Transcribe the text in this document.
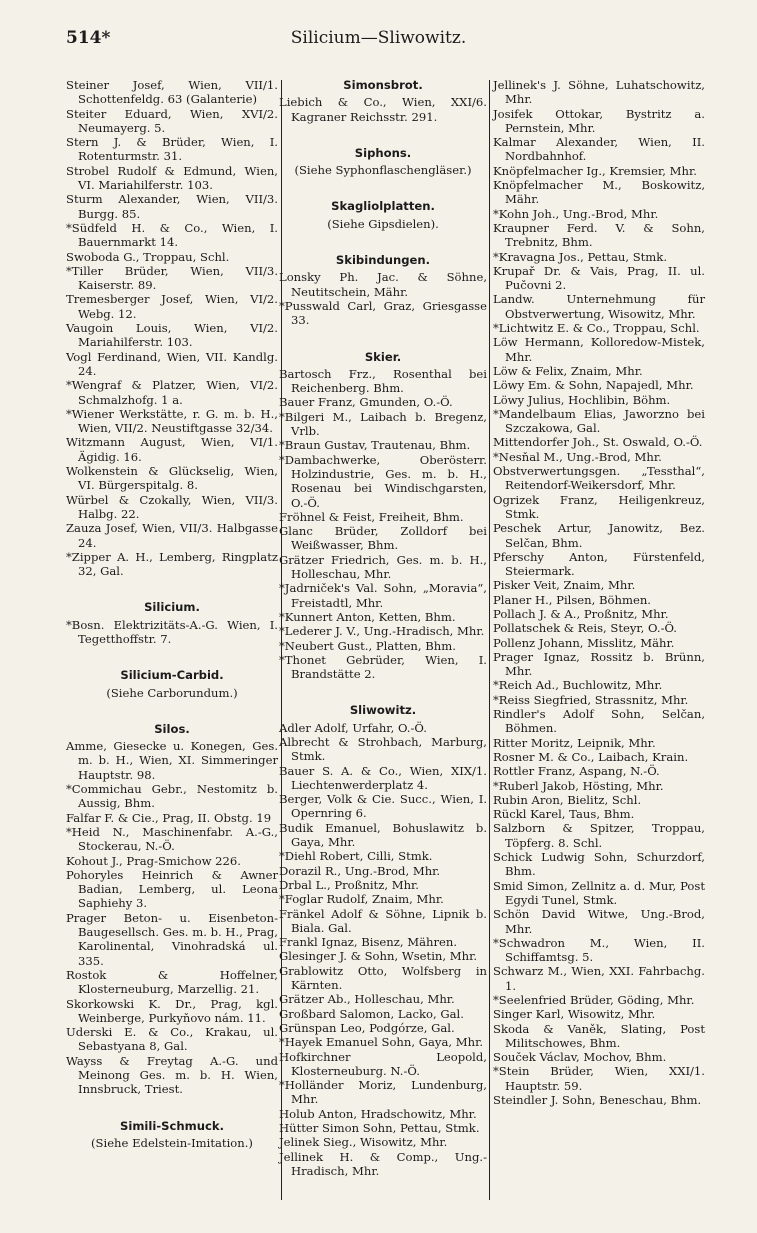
514*	Silicium—Sliwowitz.
Steiner Josef, Wien, VII/1. Schottenfeldg. 63 (Galanterie)
Steiter Eduard, Wien, XVI/2. Neumayerg. 5.
Stern J. & Brüder, Wien, I. Rotenturmstr. 31.
Strobel Rudolf & Edmund, Wien, VI. Mariahilferstr. 103.
Sturm Alexander, Wien, VII/3. Burgg. 85.
*Südfeld H. & Co., Wien, I. Bauernmarkt 14.
Swoboda G., Troppau, Schl.
*Tiller Brüder, Wien, VII/3. Kaiserstr. 89.
Tremesberger Josef, Wien, VI/2. Webg. 12.
Vaugoin Louis, Wien, VI/2. Mariahilferstr. 103.
Vogl Ferdinand, Wien, VII. Kandlg. 24.
*Wengraf & Platzer, Wien, VI/2. Schmalzhofg. 1 a.
*Wiener Werkstätte, r. G. m. b. H., Wien, VII/2. Neustiftgasse 32/34.
Witzmann August, Wien, VI/1. Ägidig. 16.
Wolkenstein & Glückselig, Wien, VI. Bürgerspitalg. 8.
Würbel & Czokally, Wien, VII/3. Halbg. 22.
Zauza Josef, Wien, VII/3. Halbgasse 24.
*Zipper A. H., Lemberg, Ringplatz 32, Gal.
Silicium.
*Bosn. Elektrizitäts-A.-G. Wien, I. Tegetthoffstr. 7.
Silicium-Carbid.
(Siehe Carborundum.)
Silos.
Amme, Giesecke u. Konegen, Ges. m. b. H., Wien, XI. Simmeringer Hauptstr. 98.
*Commichau Gebr., Nestomitz b. Aussig, Bhm.
Falfar F. & Cie., Prag, II. Obstg. 19
*Heid N., Maschinenfabr. A.-G., Stockerau, N.-Ö.
Kohout J., Prag-Smichow 226.
Pohoryles Heinrich & Awner Badian, Lemberg, ul. Leona Saphiehy 3.
Prager Beton- u. Eisenbeton-Baugesellsch. Ges. m. b. H., Prag, Karolinental, Vinohradská ul. 335.
Rostok & Hoffelner, Klosterneuburg, Marzellig. 21.
Skorkowski K. Dr., Prag, kgl. Weinberge, Purkyňovo nám. 11.
Uderski E. & Co., Krakau, ul. Sebastyana 8, Gal.
Wayss & Freytag A.-G. und Meinong Ges. m. b. H. Wien, Innsbruck, Triest.
Simili-Schmuck.
(Siehe Edelstein-Imitation.)
Simonsbrot.
Liebich & Co., Wien, XXI/6. Kagraner Reichsstr. 291.
Siphons.
(Siehe Syphonflaschengläser.)
Skagliolplatten.
(Siehe Gipsdielen).
Skibindungen.
Lonsky Ph. Jac. & Söhne, Neutitschein, Mähr.
*Pusswald Carl, Graz, Griesgasse 33.
Skier.
Bartosch Frz., Rosenthal bei Reichenberg. Bhm.
Bauer Franz, Gmunden, O.-Ö.
*Bilgeri M., Laibach b. Bregenz, Vrlb.
*Braun Gustav, Trautenau, Bhm.
*Dambachwerke, Oberösterr. Holzindustrie, Ges. m. b. H., Rosenau bei Windischgarsten, O.-Ö.
Fröhnel & Feist, Freiheit, Bhm.
Glanc Brüder, Zolldorf bei Weißwasser, Bhm.
Grätzer Friedrich, Ges. m. b. H., Holleschau, Mhr.
*Jadrniček's Val. Sohn, „Moravia“, Freistadtl, Mhr.
*Kunnert Anton, Ketten, Bhm.
*Lederer J. V., Ung.-Hradisch, Mhr.
*Neubert Gust., Platten, Bhm.
*Thonet Gebrüder, Wien, I. Brandstätte 2.
Sliwowitz.
Adler Adolf, Urfahr, O.-Ö.
Albrecht & Strohbach, Marburg, Stmk.
Bauer S. A. & Co., Wien, XIX/1. Liechtenwerderplatz 4.
Berger, Volk & Cie. Succ., Wien, I. Opernring 6.
Budik Emanuel, Bohuslawitz b. Gaya, Mhr.
*Diehl Robert, Cilli, Stmk.
Dorazil R., Ung.-Brod, Mhr.
Drbal L., Proßnitz, Mhr.
*Foglar Rudolf, Znaim, Mhr.
Fränkel Adolf & Söhne, Lipnik b. Biala. Gal.
Frankl Ignaz, Bisenz, Mähren.
Glesinger J. & Sohn, Wsetin, Mhr.
Grablowitz Otto, Wolfsberg in Kärnten.
Grätzer Ab., Holleschau, Mhr.
Großbard Salomon, Lacko, Gal.
Grünspan Leo, Podgórze, Gal.
*Hayek Emanuel Sohn, Gaya, Mhr.
Hofkirchner Leopold, Klosterneuburg. N.-Ö.
*Holländer Moriz, Lundenburg, Mhr.
Holub Anton, Hradschowitz, Mhr.
Hütter Simon Sohn, Pettau, Stmk.
Jelinek Sieg., Wisowitz, Mhr.
Jellinek H. & Comp., Ung.-Hradisch, Mhr.
Jellinek's J. Söhne, Luhatschowitz, Mhr.
Josifek Ottokar, Bystritz a. Pernstein, Mhr.
Kalmar Alexander, Wien, II. Nordbahnhof.
Knöpfelmacher Ig., Kremsier, Mhr.
Knöpfelmacher M., Boskowitz, Mähr.
*Kohn Joh., Ung.-Brod, Mhr.
Kraupner Ferd. V. & Sohn, Trebnitz, Bhm.
*Kravagna Jos., Pettau, Stmk.
Krupař Dr. & Vais, Prag, II. ul. Pučovni 2.
Landw. Unternehmung für Obstverwertung, Wisowitz, Mhr.
*Lichtwitz E. & Co., Troppau, Schl.
Löw Hermann, Kolloredow-Mistek, Mhr.
Löw & Felix, Znaim, Mhr.
Löwy Em. & Sohn, Napajedl, Mhr.
Löwy Julius, Hochlibin, Böhm.
*Mandelbaum Elias, Jaworzno bei Szczakowa, Gal.
Mittendorfer Joh., St. Oswald, O.-Ö.
*Nesňal M., Ung.-Brod, Mhr.
Obstverwertungsgen. „Tessthal“, Reitendorf-Weikersdorf, Mhr.
Ogrizek Franz, Heiligenkreuz, Stmk.
Peschek Artur, Janowitz, Bez. Selčan, Bhm.
Pferschy Anton, Fürstenfeld, Steiermark.
Pisker Veit, Znaim, Mhr.
Planer H., Pilsen, Böhmen.
Pollach J. & A., Proßnitz, Mhr.
Pollatschek & Reis, Steyr, O.-Ö.
Pollenz Johann, Misslitz, Mähr.
Prager Ignaz, Rossitz b. Brünn, Mhr.
*Reich Ad., Buchlowitz, Mhr.
*Reiss Siegfried, Strassnitz, Mhr.
Rindler's Adolf Sohn, Selčan, Böhmen.
Ritter Moritz, Leipnik, Mhr.
Rosner M. & Co., Laibach, Krain.
Rottler Franz, Aspang, N.-Ö.
*Ruberl Jakob, Hösting, Mhr.
Rubin Aron, Bielitz, Schl.
Rückl Karel, Taus, Bhm.
Salzborn & Spitzer, Troppau, Töpferg. 8. Schl.
Schick Ludwig Sohn, Schurzdorf, Bhm.
Smid Simon, Zellnitz a. d. Mur, Post Egydi Tunel, Stmk.
Schön David Witwe, Ung.-Brod, Mhr.
*Schwadron M., Wien, II. Schiffamtsg. 5.
Schwarz M., Wien, XXI. Fahrbachg. 1.
*Seelenfried Brüder, Göding, Mhr.
Singer Karl, Wisowitz, Mhr.
Skoda & Vaněk, Slating, Post Militschowes, Bhm.
Souček Václav, Mochov, Bhm.
*Stein Brüder, Wien, XXI/1. Hauptstr. 59.
Steindler J. Sohn, Beneschau, Bhm.
